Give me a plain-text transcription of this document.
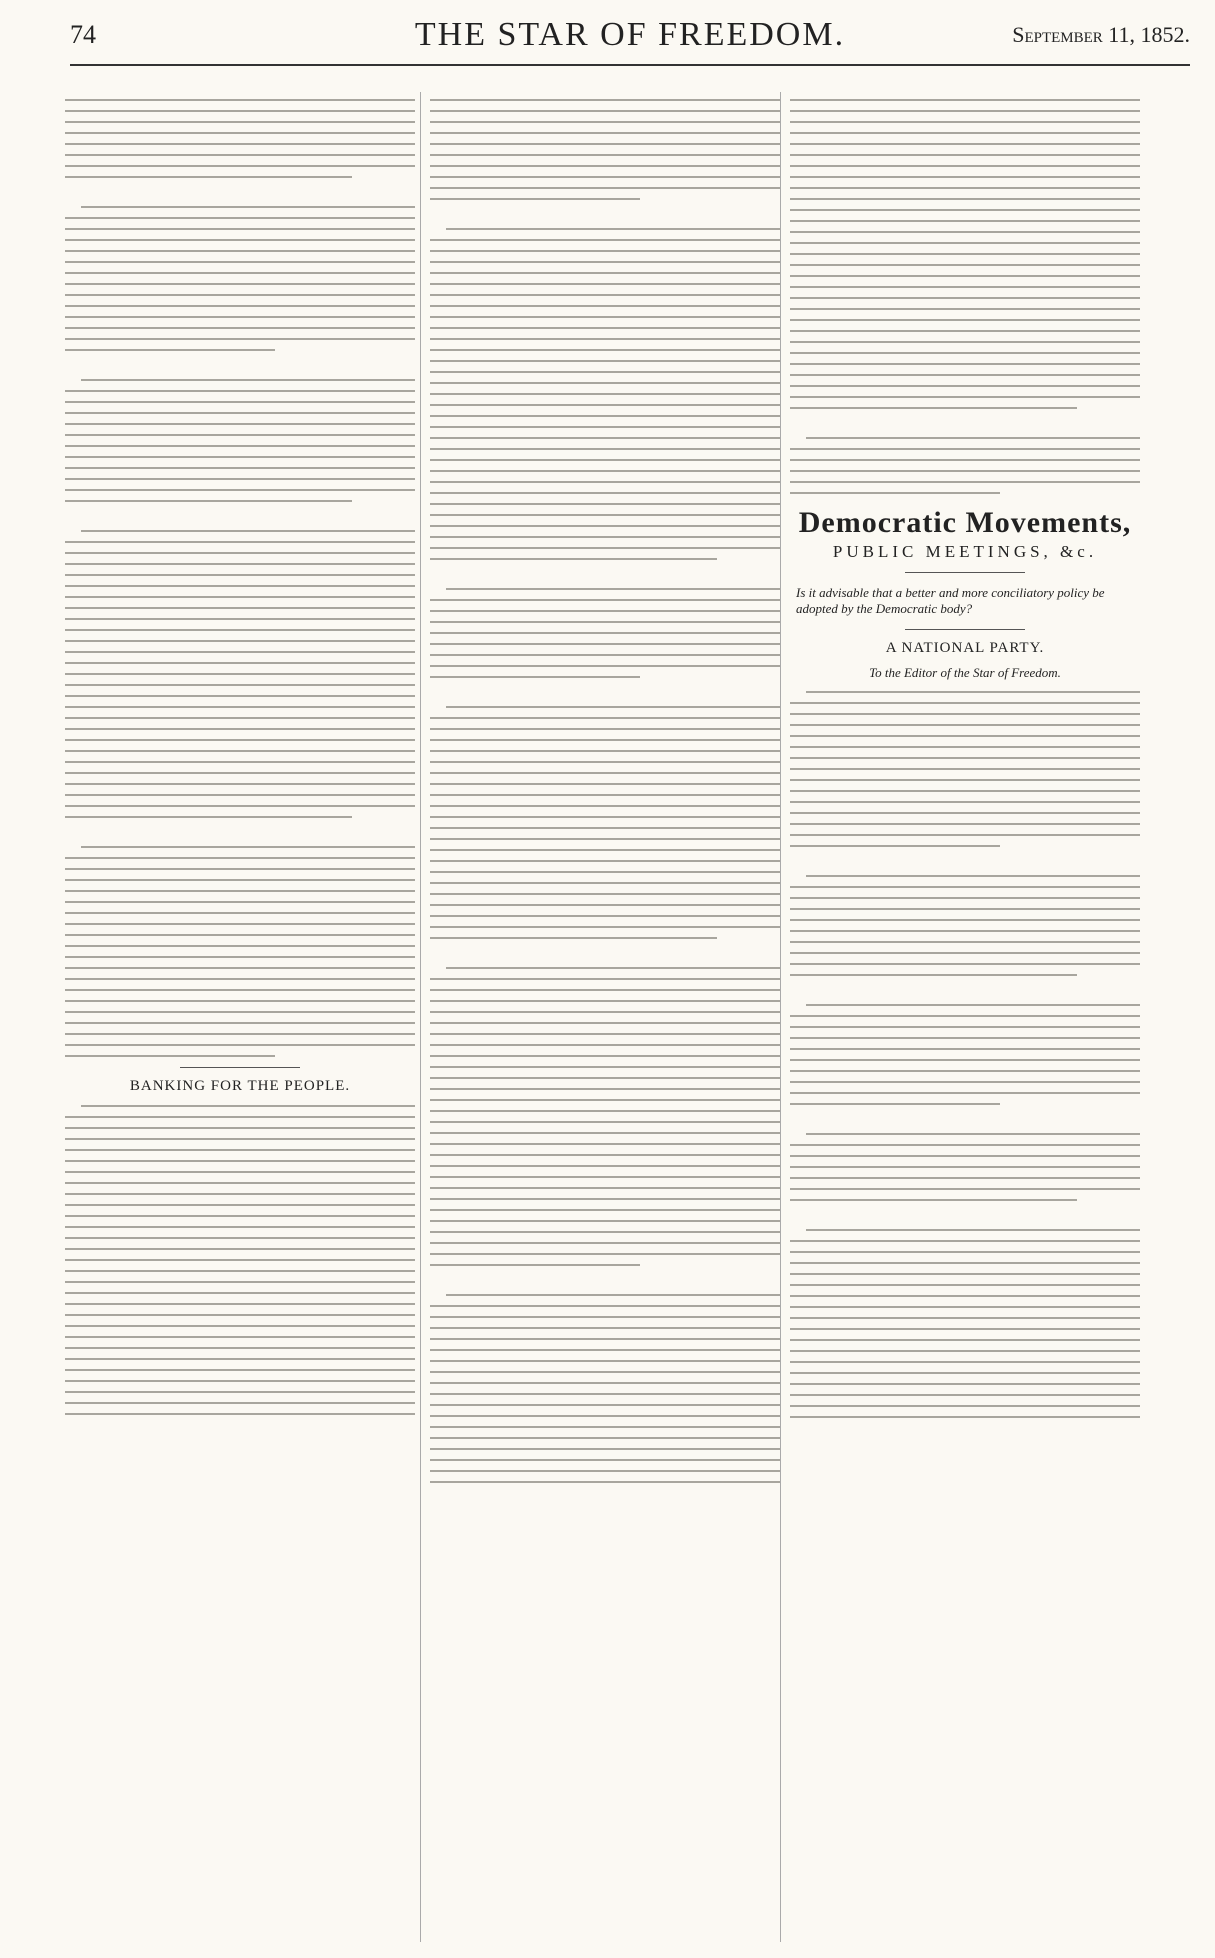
74	THE STAR OF FREEDOM.	September 11, 1852.
BANKING FOR THE PEOPLE.
Democratic Movements,
PUBLIC MEETINGS, &c.
Is it advisable that a better and more conciliatory policy be adopted by the Democratic body?
A NATIONAL PARTY.
To the Editor of the Star of Freedom.
